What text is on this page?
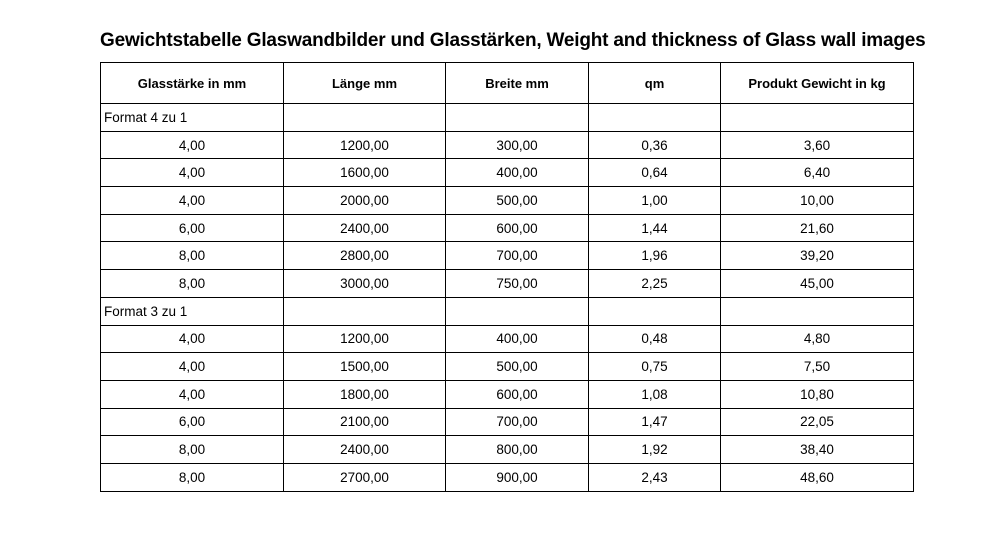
Gewichtstabelle Glaswandbilder und Glasstärken, Weight and thickness of Glass wall images
Glasstärke in mm	Länge mm	Breite mm	qm	Produkt Gewicht in kg
Format 4 zu 1				
4,00	1200,00	300,00	0,36	3,60
4,00	1600,00	400,00	0,64	6,40
4,00	2000,00	500,00	1,00	10,00
6,00	2400,00	600,00	1,44	21,60
8,00	2800,00	700,00	1,96	39,20
8,00	3000,00	750,00	2,25	45,00
Format 3 zu 1				
4,00	1200,00	400,00	0,48	4,80
4,00	1500,00	500,00	0,75	7,50
4,00	1800,00	600,00	1,08	10,80
6,00	2100,00	700,00	1,47	22,05
8,00	2400,00	800,00	1,92	38,40
8,00	2700,00	900,00	2,43	48,60
